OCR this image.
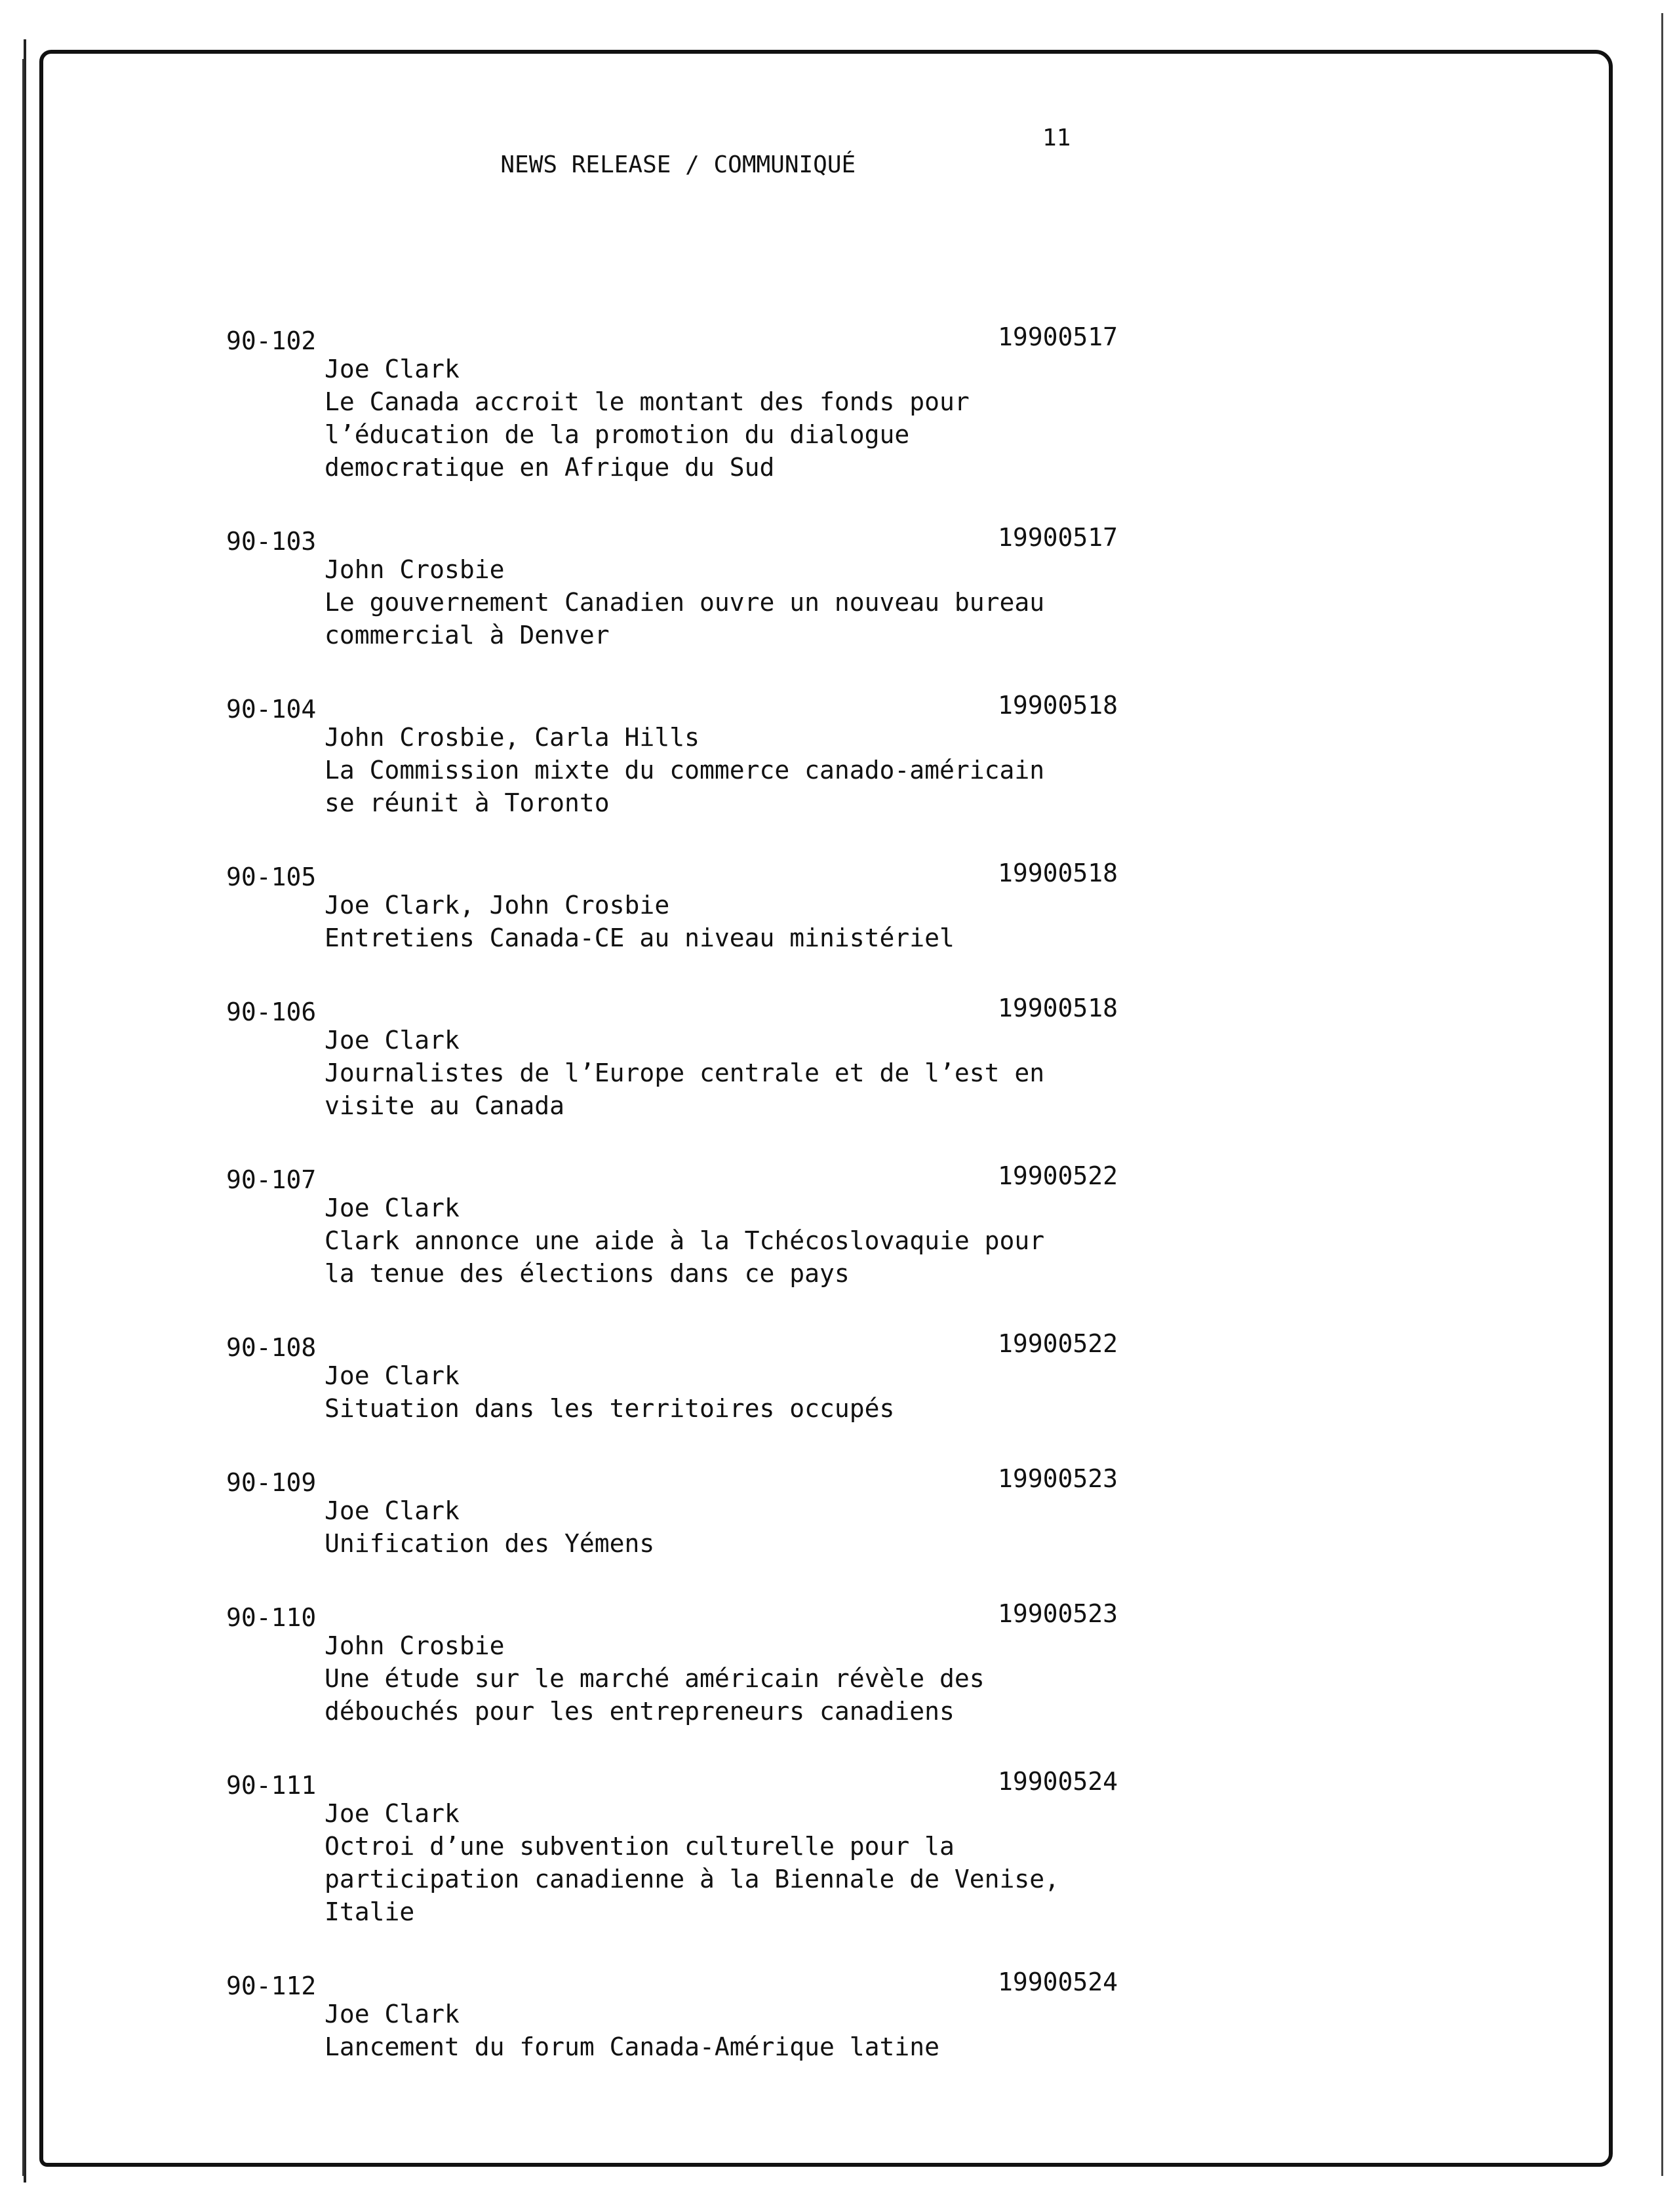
NEWS RELEASE / COMMUNIQUÉ

11

90-102	19900517
Joe Clark
Le Canada accroit le montant des fonds pour
l’éducation de la promotion du dialogue
democratique en Afrique du Sud
90-103	19900517
John Crosbie
Le gouvernement Canadien ouvre un nouveau bureau
commercial à Denver
90-104	19900518
John Crosbie, Carla Hills
La Commission mixte du commerce canado-américain
se réunit à Toronto
90-105	19900518
Joe Clark, John Crosbie
Entretiens Canada-CE au niveau ministériel
90-106	19900518
Joe Clark
Journalistes de l’Europe centrale et de l’est en
visite au Canada
90-107	19900522
Joe Clark
Clark annonce une aide à la Tchécoslovaquie pour
la tenue des élections dans ce pays
90-108	19900522
Joe Clark
Situation dans les territoires occupés
90-109	19900523
Joe Clark
Unification des Yémens
90-110	19900523
John Crosbie
Une étude sur le marché américain révèle des
débouchés pour les entrepreneurs canadiens
90-111	19900524
Joe Clark
Octroi d’une subvention culturelle pour la
participation canadienne à la Biennale de Venise,
Italie
90-112	19900524
Joe Clark
Lancement du forum Canada-Amérique latine
